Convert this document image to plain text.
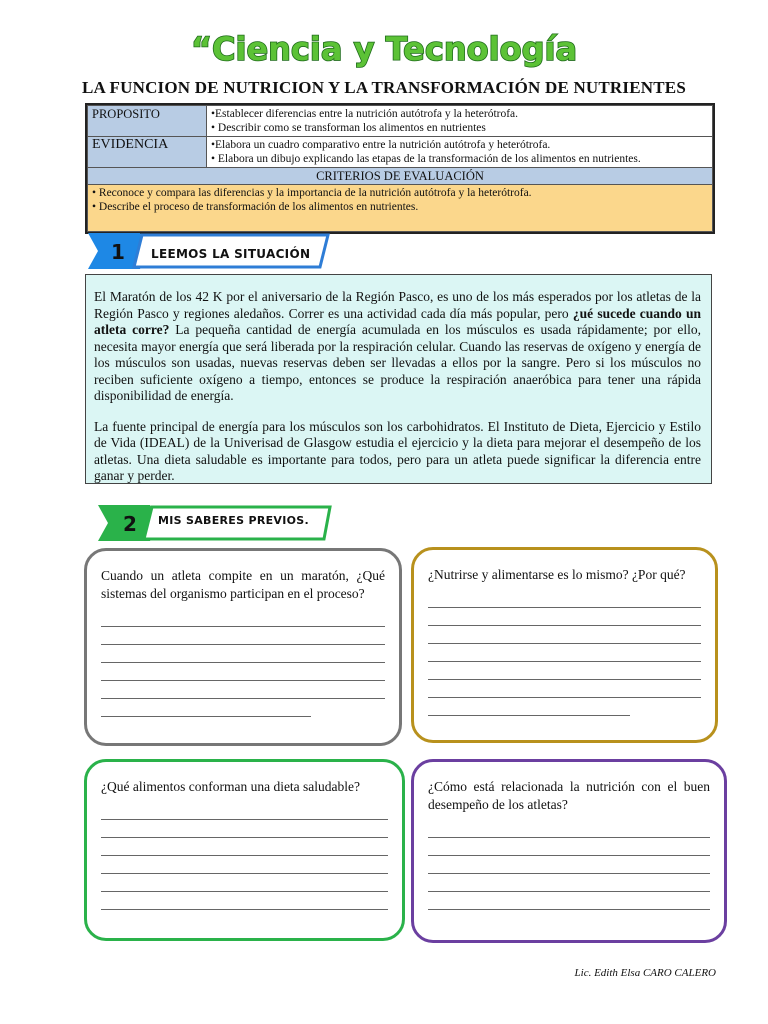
“Ciencia y Tecnología
LA FUNCION DE NUTRICION Y LA TRANSFORMACIÓN DE NUTRIENTES
PROPOSITO	•Establecer diferencias entre la nutrición autótrofa y la heterótrofa.
• Describir como se transforman los alimentos en nutrientes

EVIDENCIA	•Elabora un cuadro comparativo entre la nutrición autótrofa y heterótrofa.
• Elabora un dibujo explicando las etapas de la transformación de los alimentos en nutrientes.

CRITERIOS DE EVALUACIÓN	

• Reconoce y compara las diferencias y la importancia de la nutrición autótrofa y la heterótrofa.
• Describe el proceso de transformación de los alimentos en nutrientes.	
1 LEEMOS LA SITUACIÓN

El Maratón de los 42 K por el aniversario de la Región Pasco, es uno de los más esperados por los atletas de la Región Pasco y regiones aledaños. Correr es una actividad cada día más popular, pero ¿ué sucede cuando un atleta corre? La pequeña cantidad de energía acumulada en los músculos es usada rápidamente; por ello, necesita mayor energía que será liberada por la respiración celular. Cuando las reservas de oxígeno y energía de los músculos son usadas, nuevas reservas deben ser llevadas a ellos por la sangre. Pero si los músculos no reciben suficiente oxígeno a tiempo, entonces se produce la respiración anaeróbica para tener una rápida disponibilidad de energía.

La fuente principal de energía para los músculos son los carbohidratos. El Instituto de Dieta, Ejercicio y Estilo de Vida (IDEAL) de la Univerisad de Glasgow estudia el ejercicio y la dieta para mejorar el desempeño de los atletas. Una dieta saludable es importante para todos, pero para un atleta puede significar la diferencia entre ganar y perder.

2 MIS SABERES PREVIOS.
Cuando un atleta compite en un maratón, ¿Qué sistemas del organismo participan en el proceso?
¿Nutrirse y alimentarse es lo mismo? ¿Por qué?
¿Qué alimentos conforman una dieta saludable?	¿Cómo está relacionada la nutrición con el buen desempeño de los atletas?
Lic. Edith Elsa CARO CALERO
